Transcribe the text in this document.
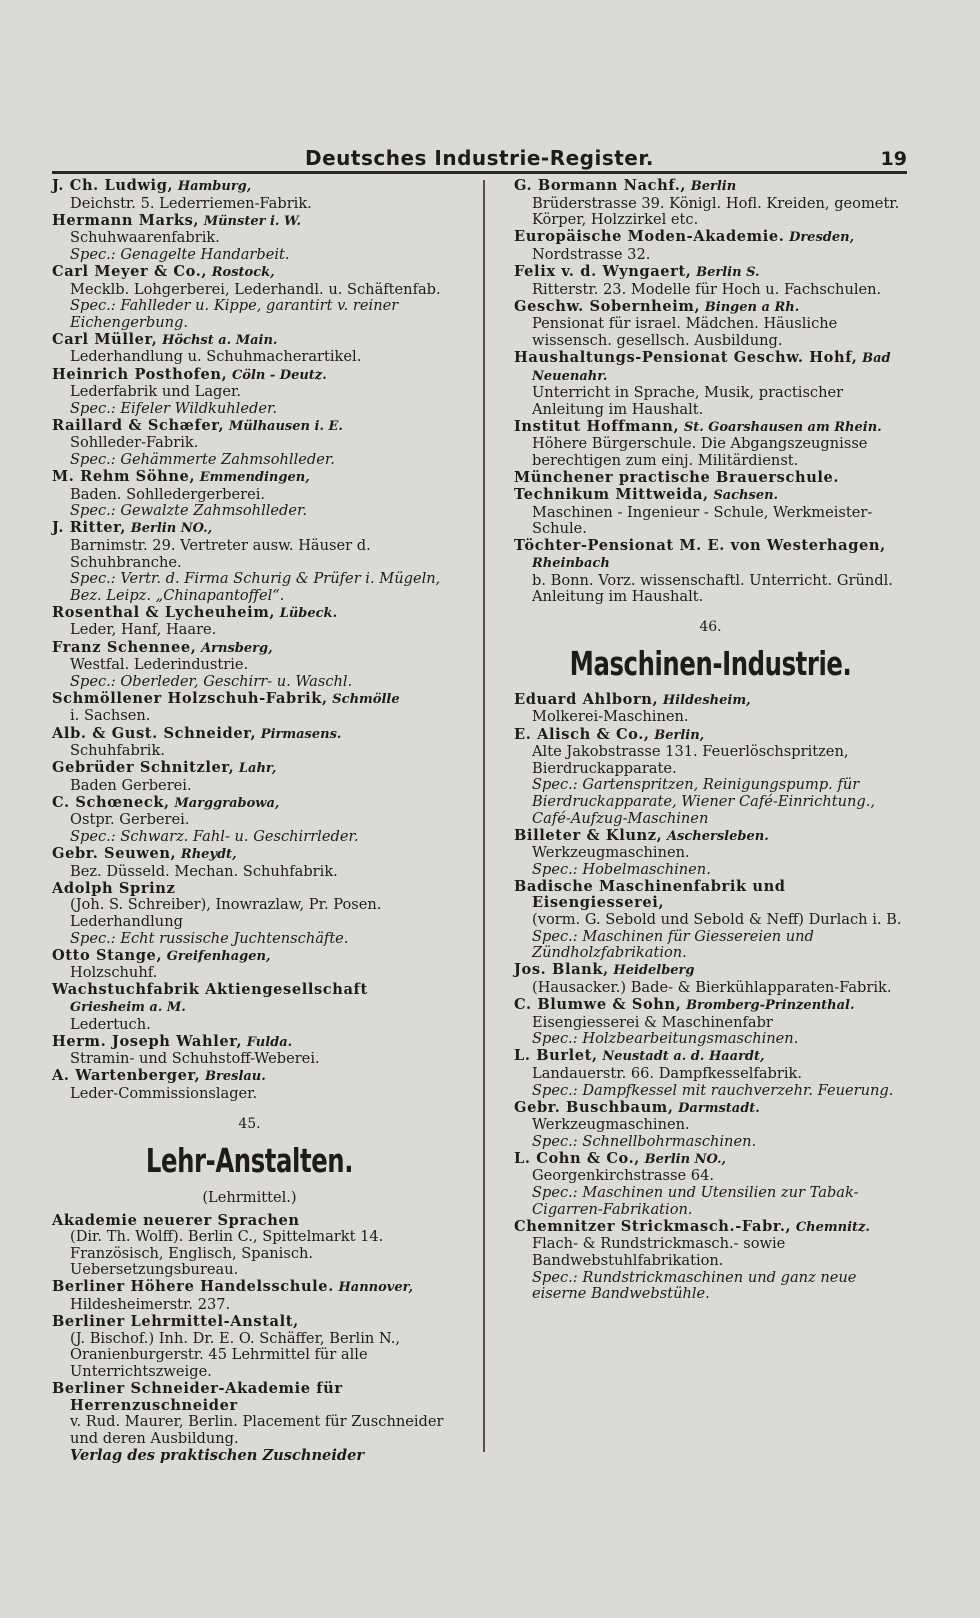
Deutsches Industrie-Register.	19
J. Ch. Ludwig, Hamburg,
Deichstr. 5. Lederriemen-Fabrik.
Hermann Marks, Münster i. W.
Schuhwaarenfabrik.
Spec.: Genagelte Handarbeit.
Carl Meyer & Co., Rostock,
Mecklb. Lohgerberei, Lederhandl. u. Schäftenfab.
Spec.: Fahlleder u. Kippe, garantirt v. reiner Eichengerbung.
Carl Müller, Höchst a. Main.
Lederhandlung u. Schuhmacherartikel.
Heinrich Posthofen, Cöln - Deutz.
Lederfabrik und Lager.
Spec.: Eifeler Wildkuhleder.
Raillard & Schæfer, Mülhausen i. E.
Sohlleder-Fabrik.
Spec.: Gehämmerte Zahmsohlleder.
M. Rehm Söhne, Emmendingen,
Baden. Sohlledergerberei.
Spec.: Gewalzte Zahmsohlleder.
J. Ritter, Berlin NO.,
Barnimstr. 29. Vertreter ausw. Häuser d. Schuhbranche.
Spec.: Vertr. d. Firma Schurig & Prüfer i. Mügeln, Bez. Leipz. „Chinapantoffel“.
Rosenthal & Lycheuheim, Lübeck.
Leder, Hanf, Haare.
Franz Schennee, Arnsberg,
Westfal. Lederindustrie.
Spec.: Oberleder, Geschirr- u. Waschl.
Schmöllener Holzschuh-Fabrik, Schmölle
i. Sachsen.
Alb. & Gust. Schneider, Pirmasens.
Schuhfabrik.
Gebrüder Schnitzler, Lahr,
Baden Gerberei.
C. Schœneck, Marggrabowa,
Ostpr. Gerberei.
Spec.: Schwarz. Fahl- u. Geschirrleder.
Gebr. Seuwen, Rheydt,
Bez. Düsseld. Mechan. Schuhfabrik.
Adolph Sprinz
(Joh. S. Schreiber), Inowrazlaw, Pr. Posen. Lederhandlung
Spec.: Echt russische Juchtenschäfte.
Otto Stange, Greifenhagen,
Holzschuhf.
Wachstuchfabrik Aktiengesellschaft Griesheim a. M.
Ledertuch.
Herm. Joseph Wahler, Fulda.
Stramin- und Schuhstoff-Weberei.
A. Wartenberger, Breslau.
Leder-Commissionslager.
45.
Lehr-Anstalten.
(Lehrmittel.)
Akademie neuerer Sprachen
(Dir. Th. Wolff). Berlin C., Spittelmarkt 14. Französisch, Englisch, Spanisch. Uebersetzungsbureau.
Berliner Höhere Handelsschule. Hannover,
Hildesheimerstr. 237.
Berliner Lehrmittel-Anstalt,
(J. Bischof.) Inh. Dr. E. O. Schäffer, Berlin N., Oranienburgerstr. 45 Lehrmittel für alle Unterrichtszweige.
Berliner Schneider-Akademie für Herrenzuschneider
v. Rud. Maurer, Berlin. Placement für Zuschneider und deren Ausbildung.
Verlag des praktischen Zuschneider
G. Bormann Nachf., Berlin
Brüderstrasse 39. Königl. Hofl. Kreiden, geometr. Körper, Holzzirkel etc.
Europäische Moden-Akademie. Dresden,
Nordstrasse 32.
Felix v. d. Wyngaert, Berlin S.
Ritterstr. 23. Modelle für Hoch u. Fachschulen.
Geschw. Sobernheim, Bingen a Rh.
Pensionat für israel. Mädchen. Häusliche wissensch. gesellsch. Ausbildung.
Haushaltungs-Pensionat Geschw. Hohf, Bad Neuenahr.
Unterricht in Sprache, Musik, practischer Anleitung im Haushalt.
Institut Hoffmann, St. Goarshausen am Rhein.
Höhere Bürgerschule. Die Abgangszeugnisse berechtigen zum einj. Militärdienst.
Münchener practische Brauerschule.
Technikum Mittweida, Sachsen.
Maschinen - Ingenieur - Schule, Werkmeister-Schule.
Töchter-Pensionat M. E. von Westerhagen, Rheinbach
b. Bonn. Vorz. wissenschaftl. Unterricht. Gründl. Anleitung im Haushalt.
46.
Maschinen-Industrie.
Eduard Ahlborn, Hildesheim,
Molkerei-Maschinen.
E. Alisch & Co., Berlin,
Alte Jakobstrasse 131. Feuerlöschspritzen, Bierdruckapparate.
Spec.: Gartenspritzen, Reinigungspump. für Bierdruckapparate, Wiener Café-Einrichtung., Café-Aufzug-Maschinen
Billeter & Klunz, Aschersleben.
Werkzeugmaschinen.
Spec.: Hobelmaschinen.
Badische Maschinenfabrik und Eisengiesserei,
(vorm. G. Sebold und Sebold & Neff) Durlach i. B.
Spec.: Maschinen für Giessereien und Zündholzfabrikation.
Jos. Blank, Heidelberg
(Hausacker.) Bade- & Bierkühlapparaten-Fabrik.
C. Blumwe & Sohn, Bromberg-Prinzenthal.
Eisengiesserei & Maschinenfabr
Spec.: Holzbearbeitungsmaschinen.
L. Burlet, Neustadt a. d. Haardt,
Landauerstr. 66. Dampfkesselfabrik.
Spec.: Dampfkessel mit rauchverzehr. Feuerung.
Gebr. Buschbaum, Darmstadt.
Werkzeugmaschinen.
Spec.: Schnellbohrmaschinen.
L. Cohn & Co., Berlin NO.,
Georgenkirchstrasse 64.
Spec.: Maschinen und Utensilien zur Tabak-Cigarren-Fabrikation.
Chemnitzer Strickmasch.-Fabr., Chemnitz.
Flach- & Rundstrickmasch.- sowie Bandwebstuhlfabrikation.
Spec.: Rundstrickmaschinen und ganz neue eiserne Bandwebstühle.
